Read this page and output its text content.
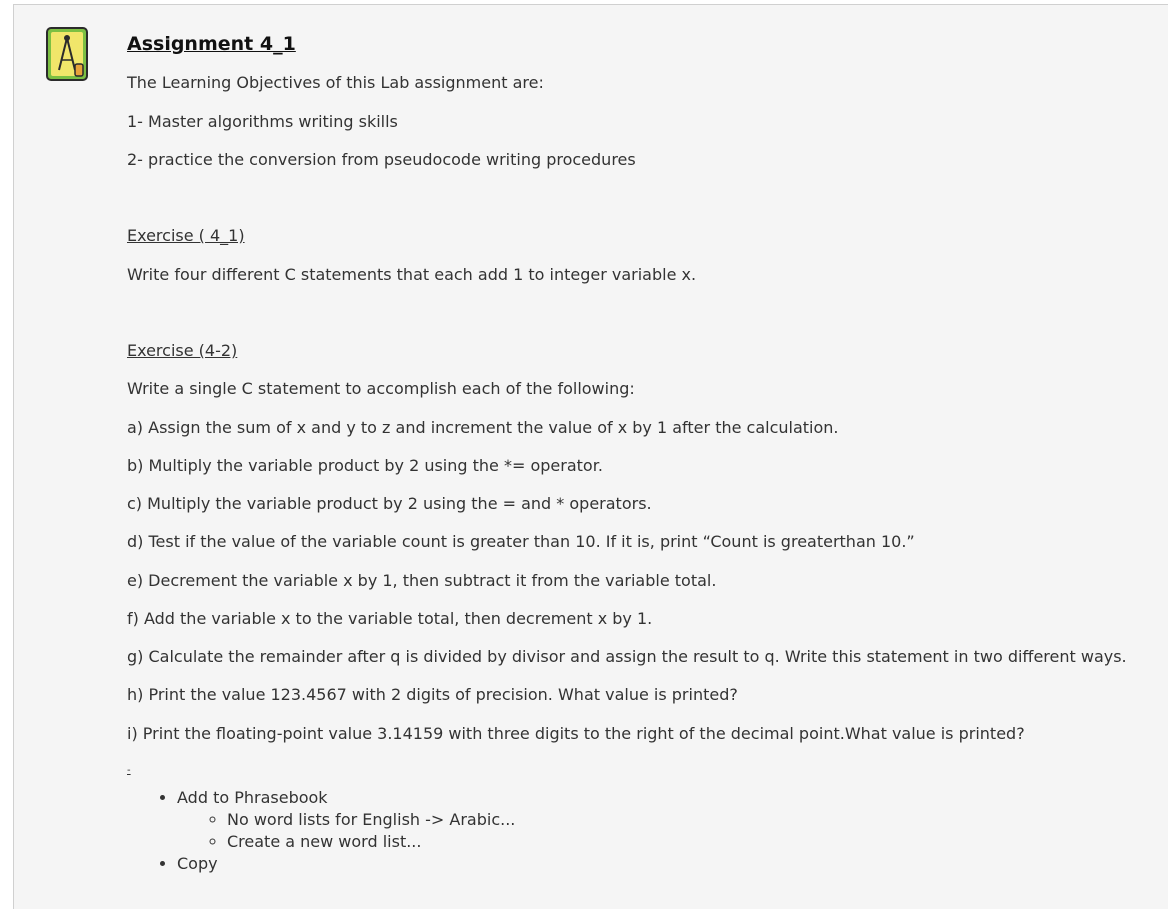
Assignment 4_1

The Learning Objectives of this Lab assignment are:

1- Master algorithms writing skills

2- practice the conversion from pseudocode writing procedures

Exercise ( 4_1)

Write four different C statements that each add 1 to integer variable x.

Exercise (4-2)

Write a single C statement to accomplish each of the following:

a) Assign the sum of x and y to z and increment the value of x by 1 after the calculation.

b) Multiply the variable product by 2 using the *= operator.

c) Multiply the variable product by 2 using the = and * operators.

d) Test if the value of the variable count is greater than 10. If it is, print “Count is greaterthan 10.”

e) Decrement the variable x by 1, then subtract it from the variable total.

f) Add the variable x to the variable total, then decrement x by 1.

g) Calculate the remainder after q is divided by divisor and assign the result to q. Write this statement in two different ways.

h) Print the value 123.4567 with 2 digits of precision. What value is printed?

i) Print the floating-point value 3.14159 with three digits to the right of the decimal point.What value is printed?

-

• Add to Phrasebook
◦ No word lists for English -> Arabic...
◦ Create a new word list...
• Copy
